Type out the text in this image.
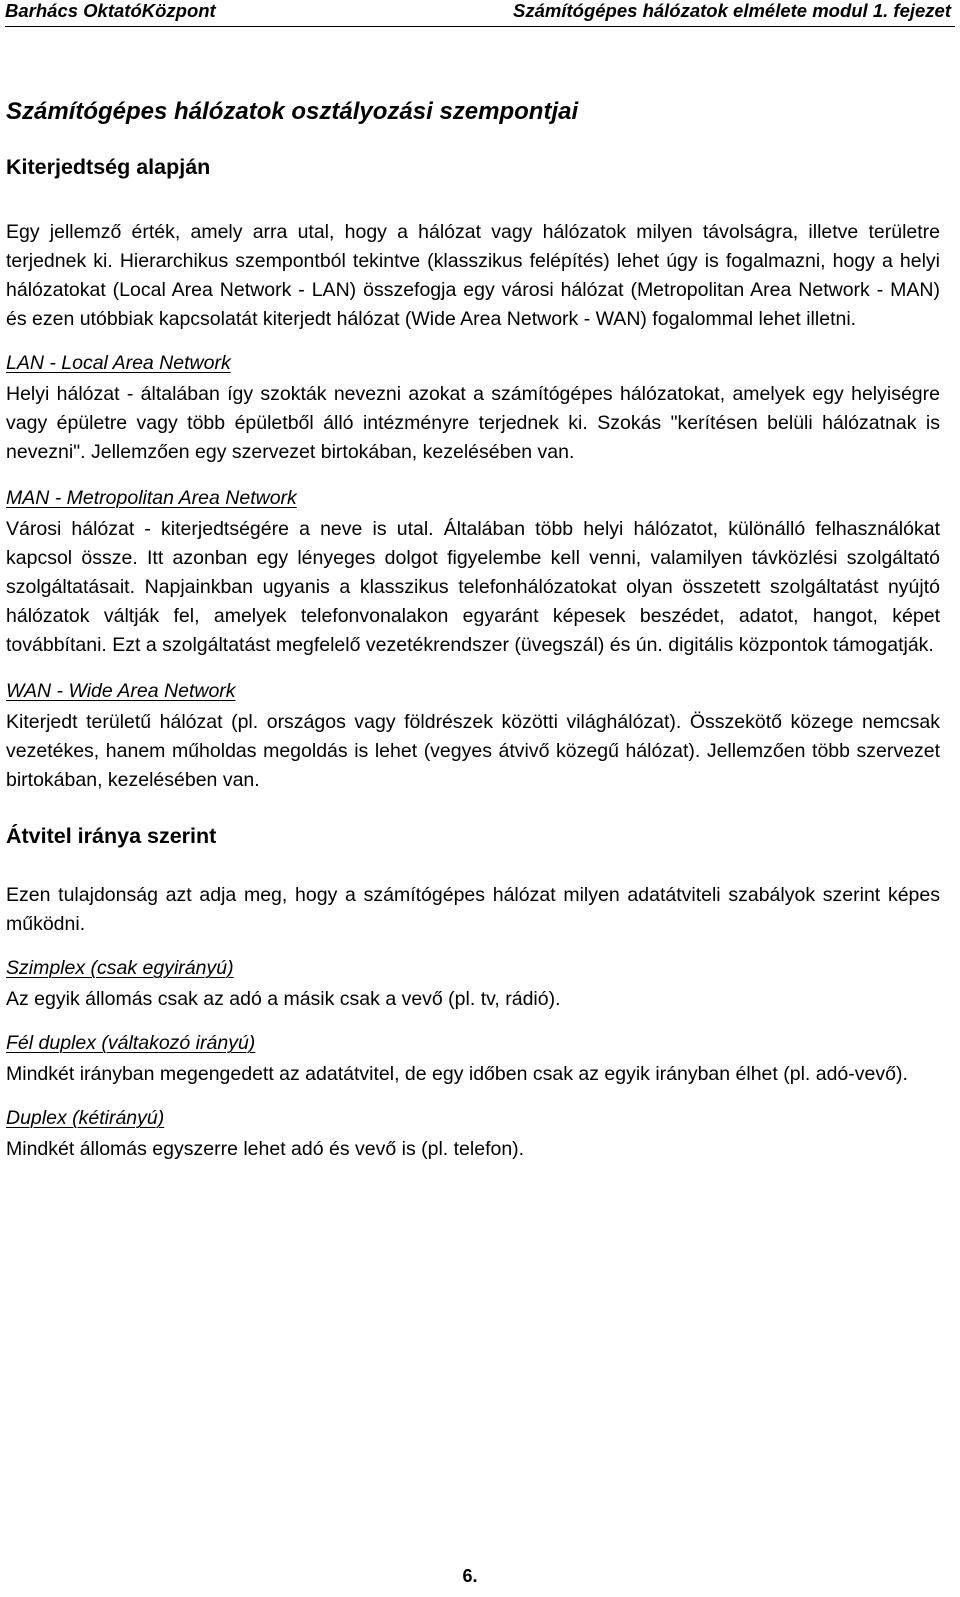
Barhács OktatóKözpont	Számítógépes hálózatok elmélete modul 1. fejezet
Számítógépes hálózatok osztályozási szempontjai
Kiterjedtség alapján

Egy jellemző érték, amely arra utal, hogy a hálózat vagy hálózatok milyen távolságra, illetve területre terjednek ki. Hierarchikus szempontból tekintve (klasszikus felépítés) lehet úgy is fogalmazni, hogy a helyi hálózatokat (Local Area Network - LAN) összefogja egy városi hálózat (Metropolitan Area Network - MAN) és ezen utóbbiak kapcsolatát kiterjedt hálózat (Wide Area Network - WAN) fogalommal lehet illetni.

LAN - Local Area Network

Helyi hálózat - általában így szokták nevezni azokat a számítógépes hálózatokat, amelyek egy helyiségre vagy épületre vagy több épületből álló intézményre terjednek ki. Szokás "kerítésen belüli hálózatnak is nevezni". Jellemzően egy szervezet birtokában, kezelésében van.

MAN - Metropolitan Area Network

Városi hálózat - kiterjedtségére a neve is utal. Általában több helyi hálózatot, különálló felhasználókat kapcsol össze. Itt azonban egy lényeges dolgot figyelembe kell venni, valamilyen távközlési szolgáltató szolgáltatásait. Napjainkban ugyanis a klasszikus telefonhálózatokat olyan összetett szolgáltatást nyújtó hálózatok váltják fel, amelyek telefonvonalakon egyaránt képesek beszédet, adatot, hangot, képet továbbítani. Ezt a szolgáltatást megfelelő vezetékrendszer (üvegszál) és ún. digitális központok támogatják.

WAN - Wide Area Network

Kiterjedt területű hálózat (pl. országos vagy földrészek közötti világhálózat). Összekötő közege nemcsak vezetékes, hanem műholdas megoldás is lehet (vegyes átvivő közegű hálózat). Jellemzően több szervezet birtokában, kezelésében van.

Átvitel iránya szerint

Ezen tulajdonság azt adja meg, hogy a számítógépes hálózat milyen adatátviteli szabályok szerint képes működni.

Szimplex (csak egyirányú)

Az egyik állomás csak az adó a másik csak a vevő (pl. tv, rádió).

Fél duplex (váltakozó irányú)

Mindkét irányban megengedett az adatátvitel, de egy időben csak az egyik irányban élhet (pl. adó-vevő).

Duplex (kétirányú)

Mindkét állomás egyszerre lehet adó és vevő is (pl. telefon).

6.
